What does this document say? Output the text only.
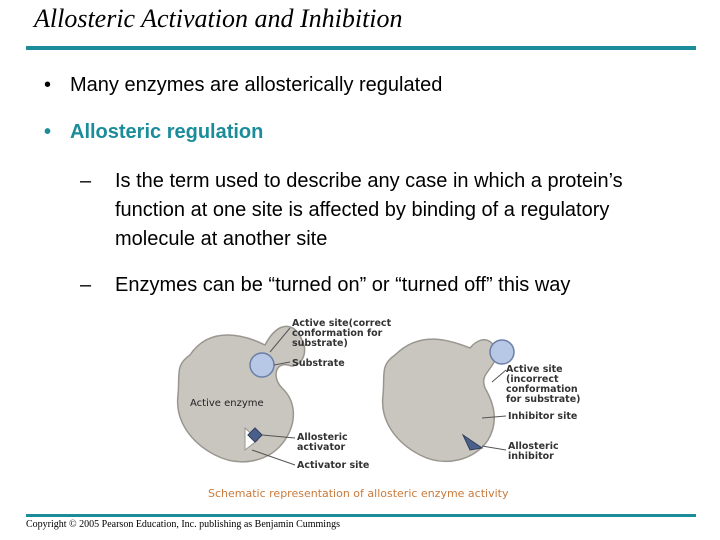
Allosteric Activation and Inhibition
• Many enzymes are allosterically regulated
• Allosteric regulation
– Is the term used to describe any case in which a protein’s function at one site is affected by binding of a regulatory molecule at another site
– Enzymes can be “turned on” or “turned off” this way
Active site(correct
conformation for
substrate)
Substrate
Active enzyme
Allosteric
activator
Activator site
Active site
(incorrect
conformation
for substrate)
Inhibitor site
Allosteric
inhibitor
Schematic representation of allosteric enzyme activity
Copyright © 2005 Pearson Education, Inc. publishing as Benjamin Cummings
